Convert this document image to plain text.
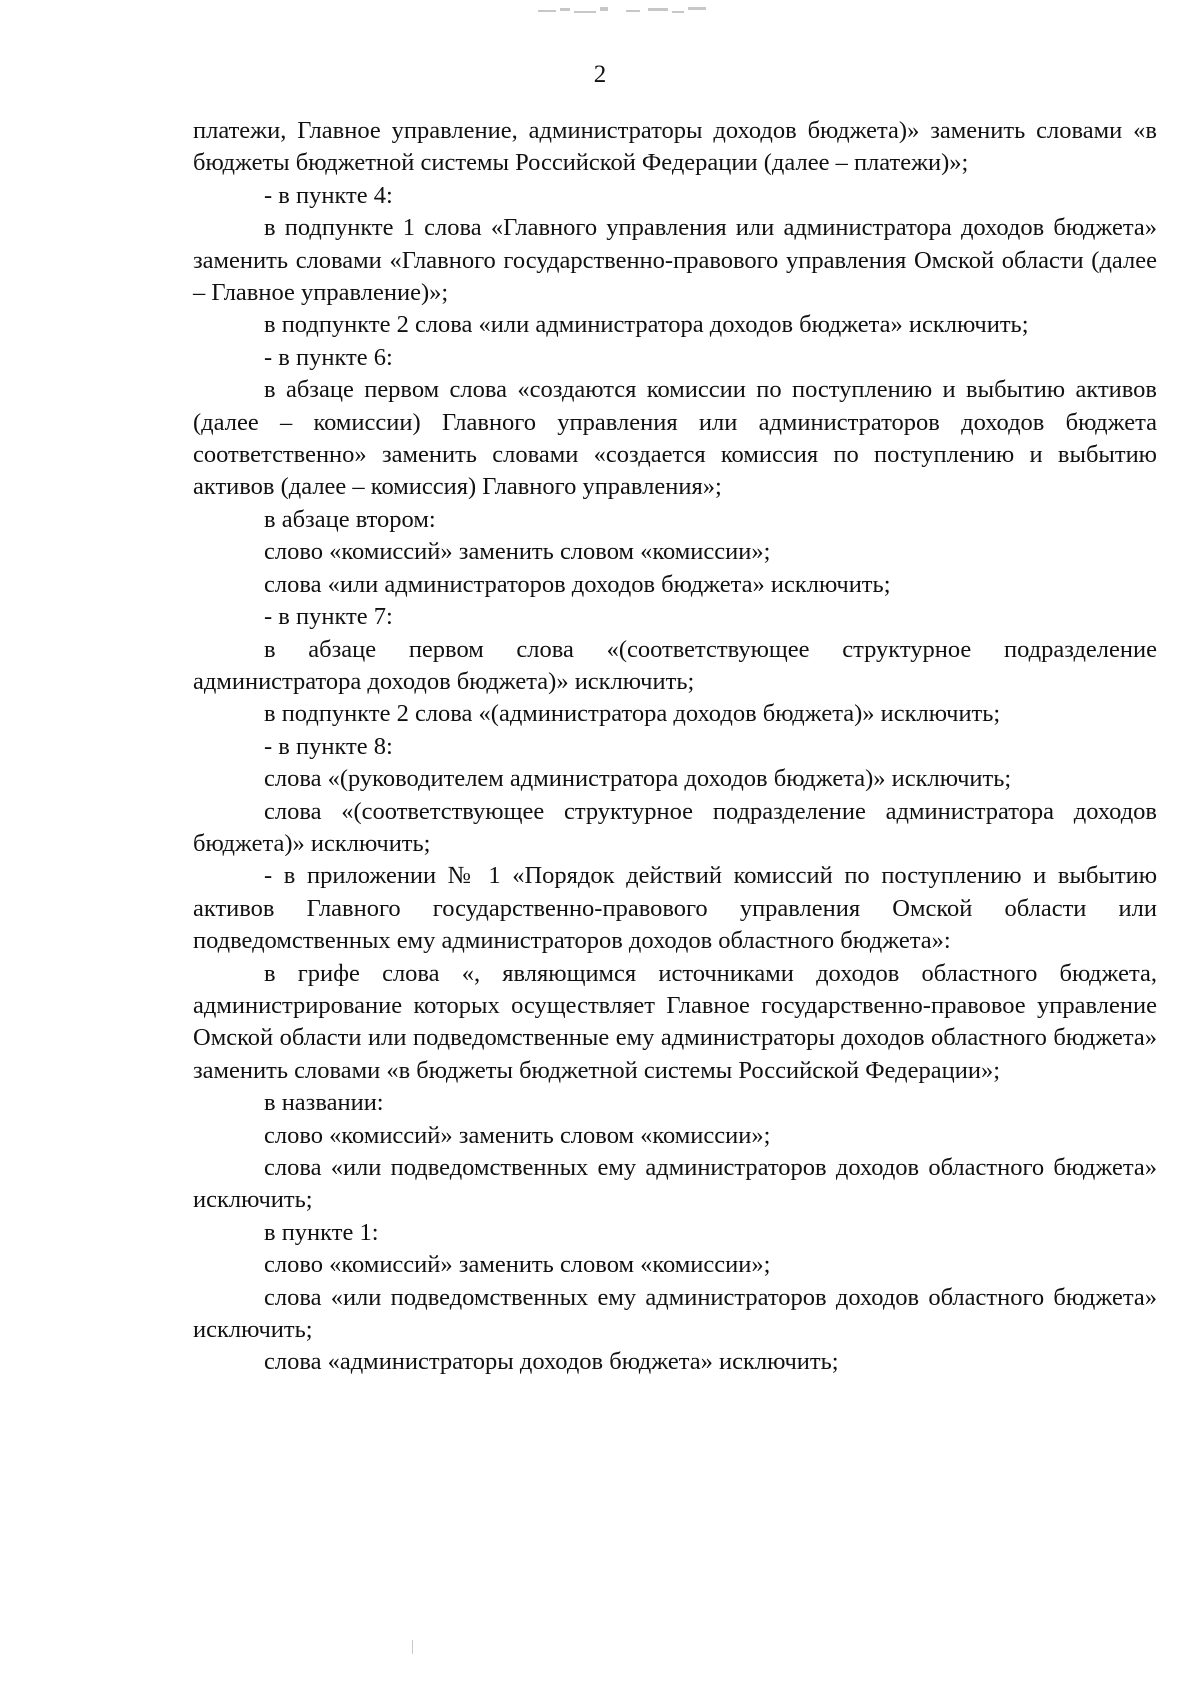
2

платежи, Главное управление, администраторы доходов бюджета)» заменить словами «в бюджеты бюджетной системы Российской Федерации (далее – платежи)»;

- в пункте 4:

в подпункте 1 слова «Главного управления или администратора доходов бюджета» заменить словами «Главного государственно-правового управления Омской области (далее – Главное управление)»;

в подпункте 2 слова «или администратора доходов бюджета» исключить;

- в пункте 6:

в абзаце первом слова «создаются комиссии по поступлению и выбытию активов (далее – комиссии) Главного управления или администраторов доходов бюджета соответственно» заменить словами «создается комиссия по поступлению и выбытию активов (далее – комиссия) Главного управления»;

в абзаце втором:

слово «комиссий» заменить словом «комиссии»;

слова «или администраторов доходов бюджета» исключить;

- в пункте 7:

в абзаце первом слова «(соответствующее структурное подразделение администратора доходов бюджета)» исключить;

в подпункте 2 слова «(администратора доходов бюджета)» исключить;

- в пункте 8:

слова «(руководителем администратора доходов бюджета)» исключить;

слова «(соответствующее структурное подразделение администратора доходов бюджета)» исключить;

- в приложении № 1 «Порядок действий комиссий по поступлению и выбытию активов Главного государственно-правового управления Омской области или подведомственных ему администраторов доходов областного бюджета»:

в грифе слова «, являющимся источниками доходов областного бюджета, администрирование которых осуществляет Главное государственно-правовое управление Омской области или подведомственные ему администраторы доходов областного бюджета» заменить словами «в бюджеты бюджетной системы Российской Федерации»;

в названии:

слово «комиссий» заменить словом «комиссии»;

слова «или подведомственных ему администраторов доходов областного бюджета» исключить;

в пункте 1:

слово «комиссий» заменить словом «комиссии»;

слова «или подведомственных ему администраторов доходов областного бюджета» исключить;

слова «администраторы доходов бюджета» исключить;
